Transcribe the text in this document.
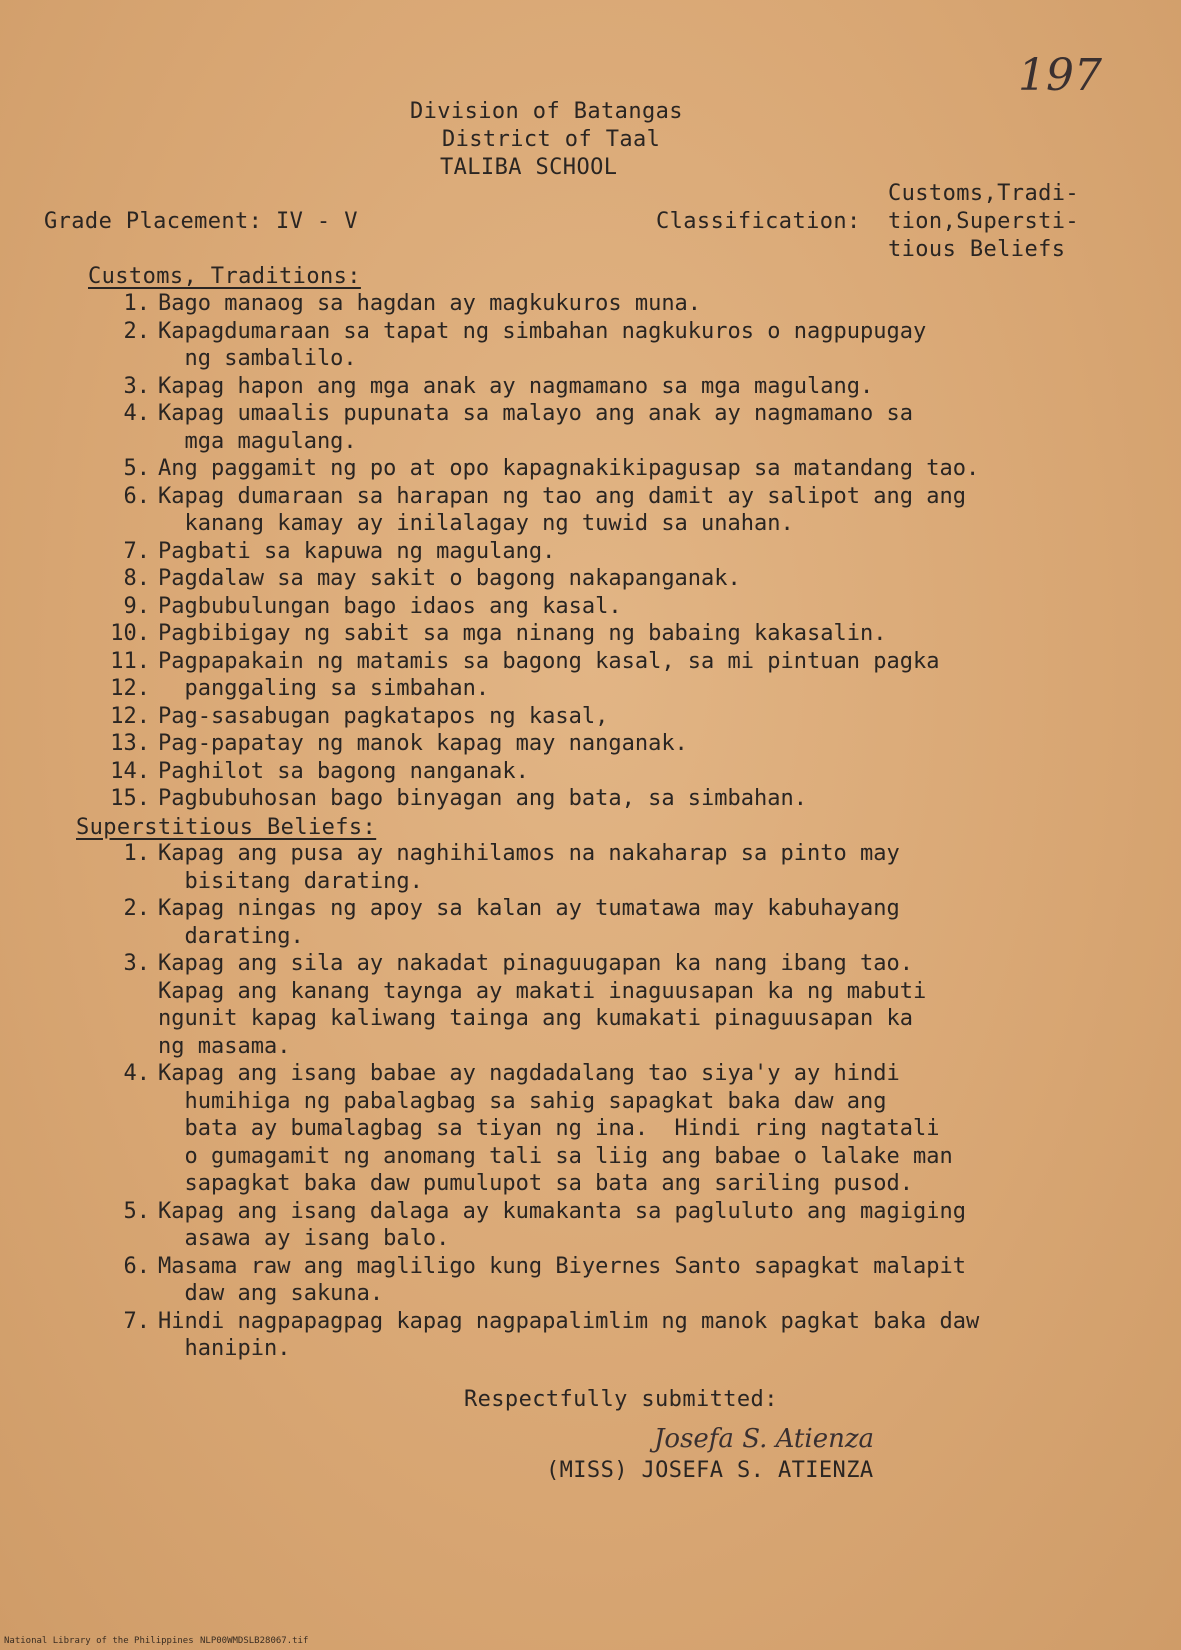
197
Division of Batangas
District of Taal
TALIBA SCHOOL
Customs,Tradi-
Grade Placement: IV - V	Classification: tion,Supersti-
tious Beliefs
Customs, Traditions:
1. Bago manaog sa hagdan ay magkukuros muna.
2. Kapagdumaraan sa tapat ng simbahan nagkukuros o nagpupugay
ng sambalilo.
3. Kapag hapon ang mga anak ay nagmamano sa mga magulang.
4. Kapag umaalis pupunata sa malayo ang anak ay nagmamano sa
mga magulang.
5. Ang paggamit ng po at opo kapagnakikipagusap sa matandang tao.
6. Kapag dumaraan sa harapan ng tao ang damit ay salipot ang ang
kanang kamay ay inilalagay ng tuwid sa unahan.
7. Pagbati sa kapuwa ng magulang.
8. Pagdalaw sa may sakit o bagong nakapanganak.
9. Pagbubulungan bago idaos ang kasal.
10. Pagbibigay ng sabit sa mga ninang ng babaing kakasalin.
11. Pagpapakain ng matamis sa bagong kasal, sa mi pintuan pagka
12. panggaling sa simbahan.
12. Pag-sasabugan pagkatapos ng kasal,
13. Pag-papatay ng manok kapag may nanganak.
14. Paghilot sa bagong nanganak.
15. Pagbubuhosan bago binyagan ang bata, sa simbahan.
Superstitious Beliefs:
1. Kapag ang pusa ay naghihilamos na nakaharap sa pinto may
bisitang darating.
2. Kapag ningas ng apoy sa kalan ay tumatawa may kabuhayang
darating.
3. Kapag ang sila ay nakadat pinaguugapan ka nang ibang tao.
Kapag ang kanang taynga ay makati inaguusapan ka ng mabuti
ngunit kapag kaliwang tainga ang kumakati pinaguusapan ka
ng masama.
4. Kapag ang isang babae ay nagdadalang tao siya'y ay hindi
humihiga ng pabalagbag sa sahig sapagkat baka daw ang
bata ay bumalagbag sa tiyan ng ina.  Hindi ring nagtatali
o gumagamit ng anomang tali sa liig ang babae o lalake man
sapagkat baka daw pumulupot sa bata ang sariling pusod.
5. Kapag ang isang dalaga ay kumakanta sa pagluluto ang magiging
asawa ay isang balo.
6. Masama raw ang magliligo kung Biyernes Santo sapagkat malapit
daw ang sakuna.
7. Hindi nagpapagpag kapag nagpapalimlim ng manok pagkat baka daw
hanipin.
Respectfully submitted:
Josefa S. Atienza
(MISS) JOSEFA S. ATIENZA
National Library of the Philippines NLP00WMDSLB28067.tif
